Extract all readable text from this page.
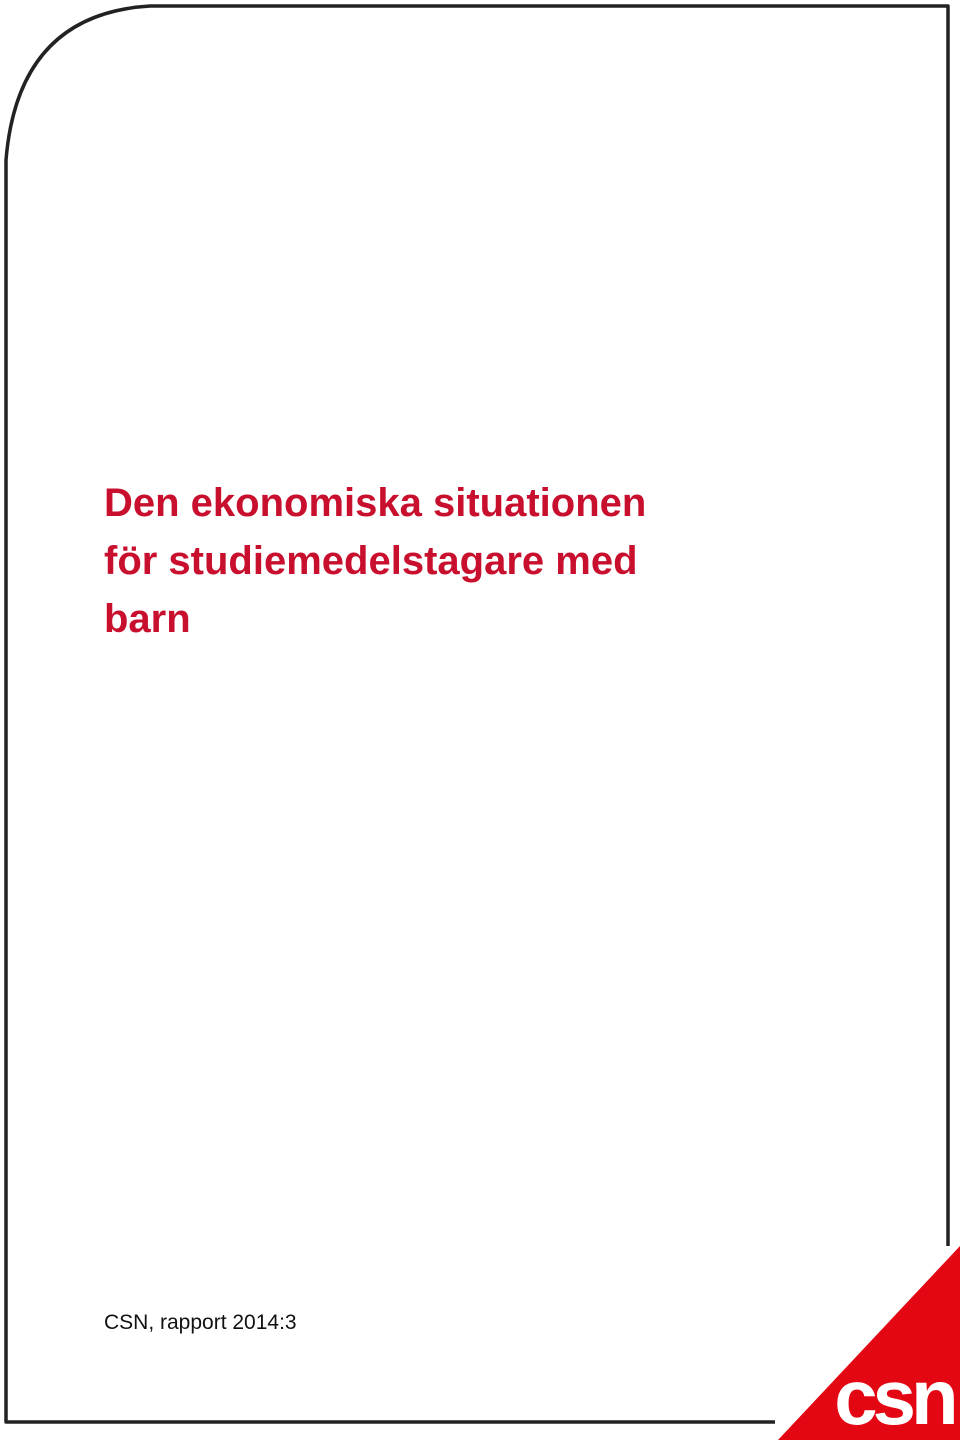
Den ekonomiska situationen
för studiemedelstagare med
barn
CSN, rapport 2014:3
csn
